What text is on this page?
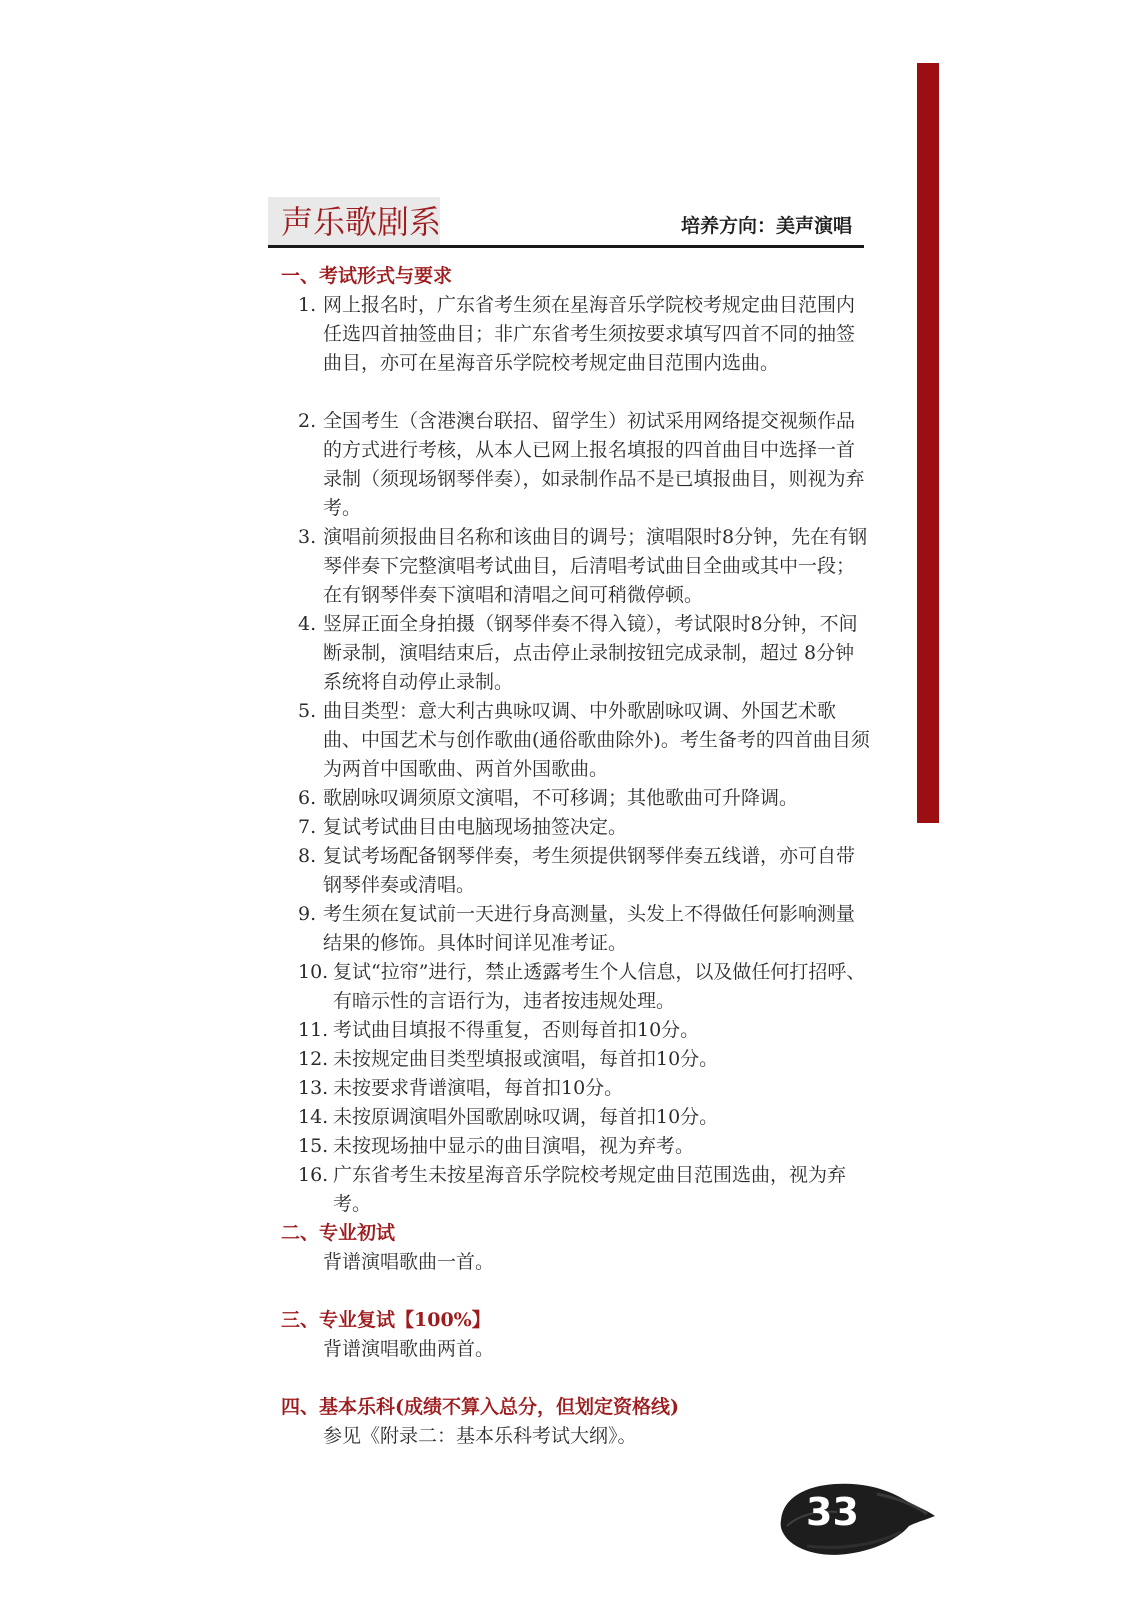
声乐歌剧系	培养方向：美声演唱
一、考试形式与要求
1. 网上报名时，广东省考生须在星海音乐学院校考规定曲目范围内任选四首抽签曲目；非广东省考生须按要求填写四首不同的抽签曲目，亦可在星海音乐学院校考规定曲目范围内选曲。
2. 全国考生（含港澳台联招、留学生）初试采用网络提交视频作品的方式进行考核，从本人已网上报名填报的四首曲目中选择一首录制（须现场钢琴伴奏），如录制作品不是已填报曲目，则视为弃考。
3. 演唱前须报曲目名称和该曲目的调号；演唱限时8分钟，先在有钢琴伴奏下完整演唱考试曲目，后清唱考试曲目全曲或其中一段；在有钢琴伴奏下演唱和清唱之间可稍微停顿。
4. 竖屏正面全身拍摄（钢琴伴奏不得入镜），考试限时8分钟，不间断录制，演唱结束后，点击停止录制按钮完成录制，超过 8分钟系统将自动停止录制。
5. 曲目类型：意大利古典咏叹调、中外歌剧咏叹调、外国艺术歌曲、中国艺术与创作歌曲(通俗歌曲除外)。考生备考的四首曲目须为两首中国歌曲、两首外国歌曲。
6. 歌剧咏叹调须原文演唱，不可移调；其他歌曲可升降调。
7. 复试考试曲目由电脑现场抽签决定。
8. 复试考场配备钢琴伴奏，考生须提供钢琴伴奏五线谱，亦可自带钢琴伴奏或清唱。
9. 考生须在复试前一天进行身高测量，头发上不得做任何影响测量结果的修饰。具体时间详见准考证。
10. 复试“拉帘”进行，禁止透露考生个人信息，以及做任何打招呼、有暗示性的言语行为，违者按违规处理。
11. 考试曲目填报不得重复，否则每首扣10分。
12. 未按规定曲目类型填报或演唱，每首扣10分。
13. 未按要求背谱演唱，每首扣10分。
14. 未按原调演唱外国歌剧咏叹调，每首扣10分。
15. 未按现场抽中显示的曲目演唱，视为弃考。
16. 广东省考生未按星海音乐学院校考规定曲目范围选曲，视为弃考。
二、专业初试
背谱演唱歌曲一首。
三、专业复试【100%】
背谱演唱歌曲两首。
四、基本乐科(成绩不算入总分，但划定资格线)
参见《附录二：基本乐科考试大纲》。
33
